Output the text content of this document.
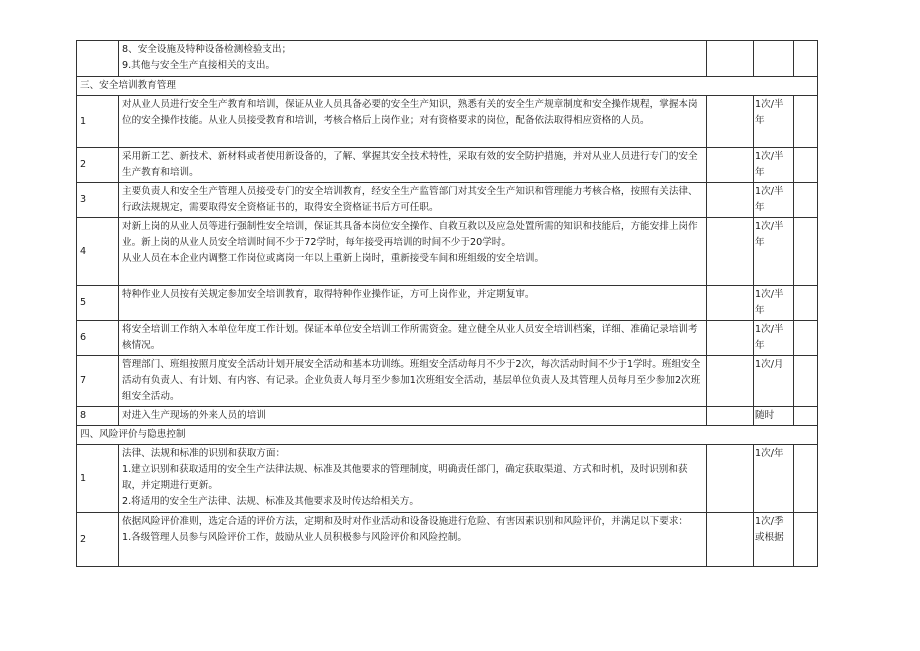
	8、安全设施及特种设备检测检验支出；
9.其他与安全生产直接相关的支出。			

三、安全培训教育管理				
1	对从业人员进行安全生产教育和培训，保证从业人员具备必要的安全生产知识，熟悉有关的安全生产规章制度和安全操作规程，掌握本岗位的安全操作技能。从业人员接受教育和培训，考核合格后上岗作业；对有资格要求的岗位，配备依法取得相应资格的人员。		1次/半年	
2	采用新工艺、新技术、新材料或者使用新设备的，了解、掌握其安全技术特性，采取有效的安全防护措施，并对从业人员进行专门的安全生产教育和培训。		1次/半年	
3	主要负责人和安全生产管理人员接受专门的安全培训教育，经安全生产监管部门对其安全生产知识和管理能力考核合格，按照有关法律、行政法规规定，需要取得安全资格证书的，取得安全资格证书后方可任职。		1次/半年	
4	对新上岗的从业人员等进行强制性安全培训，保证其具备本岗位安全操作、自救互救以及应急处置所需的知识和技能后，方能安排上岗作业。新上岗的从业人员安全培训时间不少于72学时，每年接受再培训的时间不少于20学时。
从业人员在本企业内调整工作岗位或离岗一年以上重新上岗时，重新接受车间和班组级的安全培训。		1次/半年	
5	特种作业人员按有关规定参加安全培训教育，取得特种作业操作证，方可上岗作业，并定期复审。		1次/半年	
6	将安全培训工作纳入本单位年度工作计划。保证本单位安全培训工作所需资金。建立健全从业人员安全培训档案，详细、准确记录培训考核情况。		1次/半年	
7	管理部门、班组按照月度安全活动计划开展安全活动和基本功训练。班组安全活动每月不少于2次，每次活动时间不少于1学时。班组安全活动有负责人、有计划、有内容、有记录。企业负责人每月至少参加1次班组安全活动，基层单位负责人及其管理人员每月至少参加2次班组安全活动。		1次/月	
8	对进入生产现场的外来人员的培训		随时	
四、风险评价与隐患控制				
1	法律、法规和标准的识别和获取方面：
1.建立识别和获取适用的安全生产法律法规、标准及其他要求的管理制度，明确责任部门，确定获取渠道、方式和时机，及时识别和获取，并定期进行更新。
2.将适用的安全生产法律、法规、标准及其他要求及时传达给相关方。		1次/年	
2	依据风险评价准则，选定合适的评价方法，定期和及时对作业活动和设备设施进行危险、有害因素识别和风险评价，并满足以下要求：
1.各级管理人员参与风险评价工作，鼓励从业人员积极参与风险评价和风险控制。		1次/季或根据	
